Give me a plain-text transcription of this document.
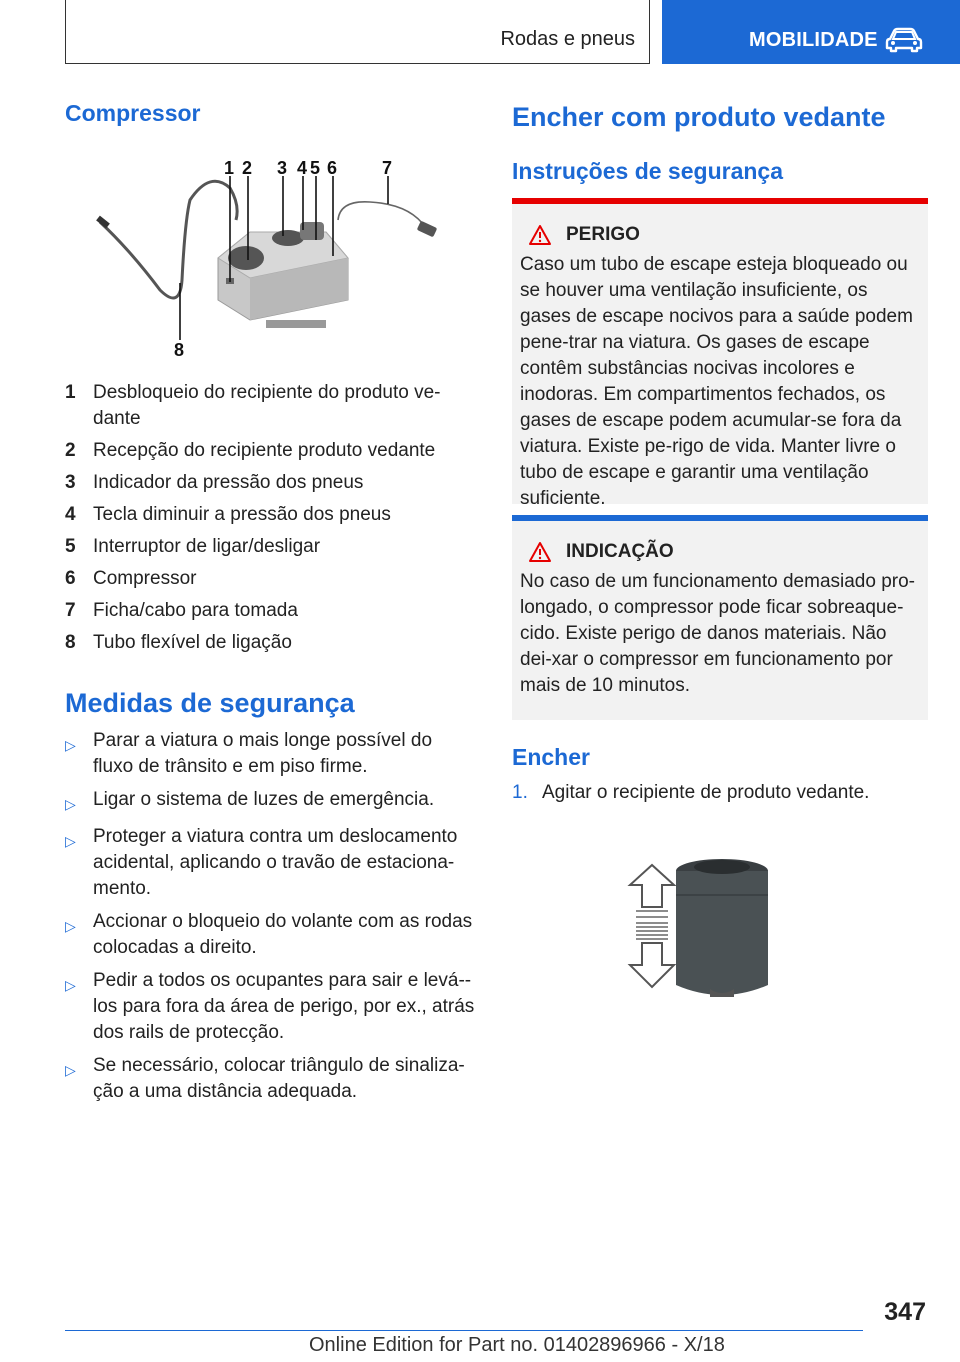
Rodas e pneus	MOBILIDADE
Compressor
1 2 3 4 5 6 7
8
1 Desbloqueio do recipiente do produto ve-dante
2 Recepção do recipiente produto vedante
3 Indicador da pressão dos pneus
4 Tecla diminuir a pressão dos pneus
5 Interruptor de ligar/desligar
6 Compressor
7 Ficha/cabo para tomada
8 Tubo flexível de ligação
Medidas de segurança
▷ Parar a viatura o mais longe possível do fluxo de trânsito e em piso firme.
▷ Ligar o sistema de luzes de emergência.
▷ Proteger a viatura contra um deslocamento acidental, aplicando o travão de estaciona-mento.
▷ Accionar o bloqueio do volante com as rodas colocadas a direito.
▷ Pedir a todos os ocupantes para sair e levá--los para fora da área de perigo, por ex., atrás dos rails de protecção.
▷ Se necessário, colocar triângulo de sinaliza-ção a uma distância adequada.
Encher com produto vedante
Instruções de segurança
PERIGO
Caso um tubo de escape esteja bloqueado ou se houver uma ventilação insuficiente, os gases de escape nocivos para a saúde podem pene-trar na viatura. Os gases de escape contêm substâncias nocivas incolores e inodoras. Em compartimentos fechados, os gases de escape podem acumular-se fora da viatura. Existe pe-rigo de vida. Manter livre o tubo de escape e garantir uma ventilação suficiente.
INDICAÇÃO
No caso de um funcionamento demasiado pro-longado, o compressor pode ficar sobreaque-cido. Existe perigo de danos materiais. Não dei-xar o compressor em funcionamento por mais de 10 minutos.
Encher
1. Agitar o recipiente de produto vedante.
347
Online Edition for Part no. 01402896966 - X/18
